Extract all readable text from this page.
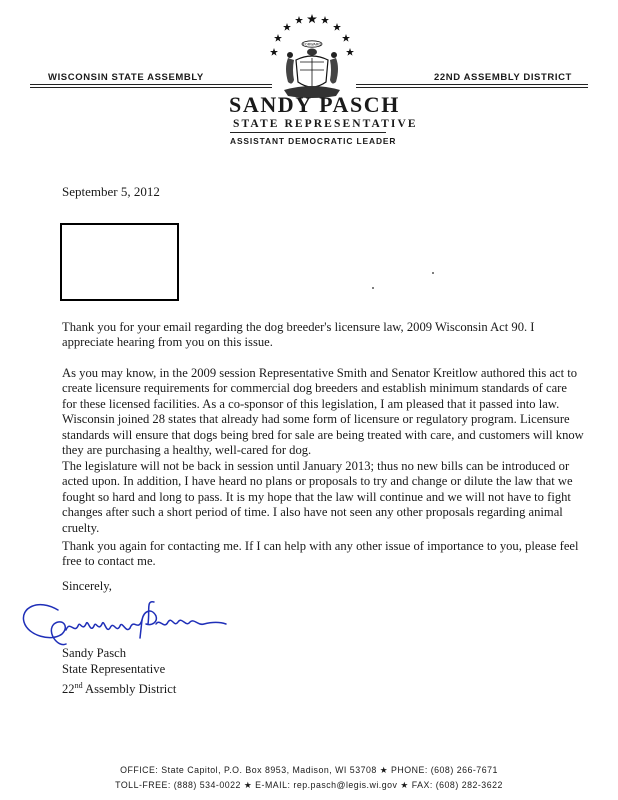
FORWARD
WISCONSIN STATE ASSEMBLY	22ND ASSEMBLY DISTRICT
SANDY PASCH
STATE REPRESENTATIVE
ASSISTANT DEMOCRATIC LEADER
September 5, 2012

Thank you for your email regarding the dog breeder's licensure law, 2009 Wisconsin Act 90. I appreciate hearing from you on this issue.

As you may know, in the 2009 session Representative Smith and Senator Kreitlow authored this act to create licensure requirements for commercial dog breeders and establish minimum standards of care for these licensed facilities. As a co-sponsor of this legislation, I am pleased that it passed into law. Wisconsin joined 28 states that already had some form of licensure or regulatory program. Licensure standards will ensure that dogs being bred for sale are being treated with care, and customers will know they are purchasing a healthy, well-cared for dog.

The legislature will not be back in session until January 2013; thus no new bills can be introduced or acted upon. In addition, I have heard no plans or proposals to try and change or dilute the law that we fought so hard and long to pass. It is my hope that the law will continue and we will not have to fight changes after such a short period of time. I also have not seen any other proposals regarding animal cruelty.

Thank you again for contacting me. If I can help with any other issue of importance to you, please feel free to contact me.

Sincerely,
Sandy Pasch
Sandy Pasch
State Representative
22nd Assembly District
OFFICE: State Capitol, P.O. Box 8953, Madison, WI 53708 ★ PHONE: (608) 266-7671
TOLL-FREE: (888) 534-0022 ★ E-MAIL: rep.pasch@legis.wi.gov ★ FAX: (608) 282-3622
